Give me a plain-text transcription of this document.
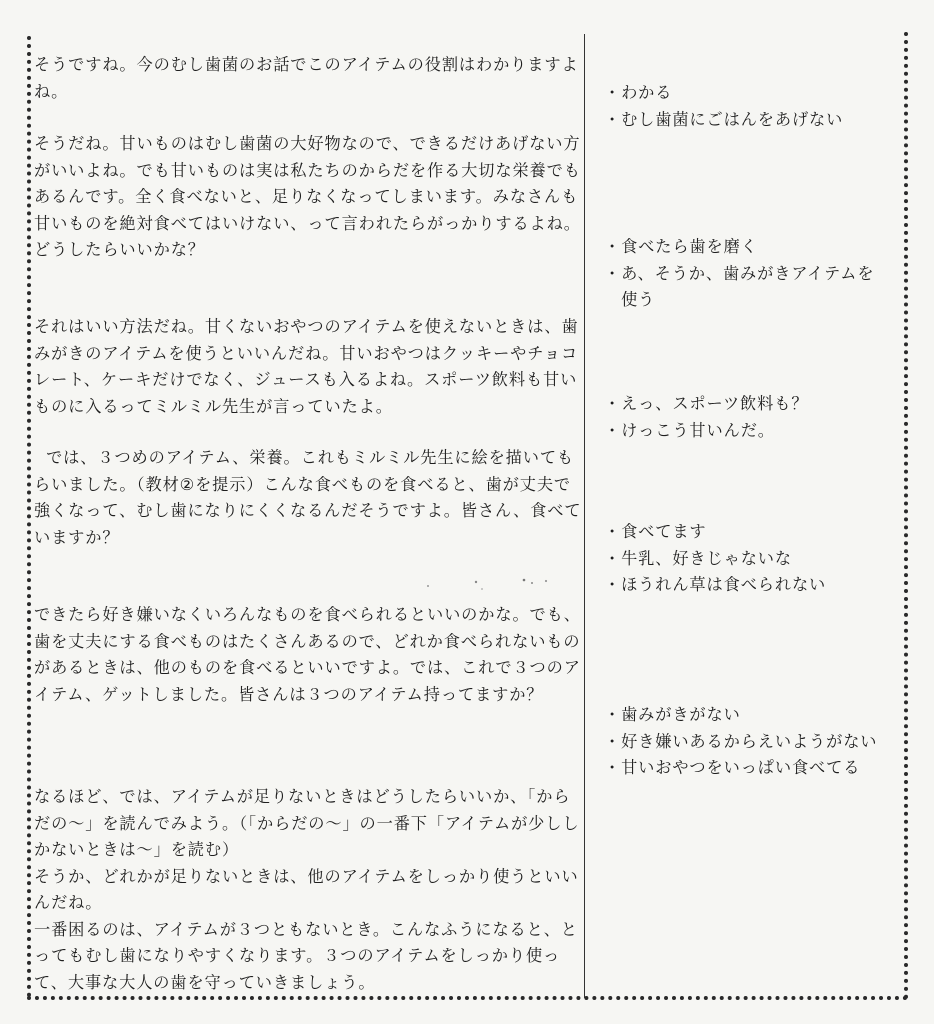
そうですね。今のむし歯菌のお話でこのアイテムの役割はわかりますよね。
そうだね。甘いものはむし歯菌の大好物なので、できるだけあげない方がいいよね。でも甘いものは実は私たちのからだを作る大切な栄養でもあるんです。全く食べないと、足りなくなってしまいます。みなさんも甘いものを絶対食べてはいけない、って言われたらがっかりするよね。どうしたらいいかな？
それはいい方法だね。甘くないおやつのアイテムを使えないときは、歯みがきのアイテムを使うといいんだね。甘いおやつはクッキーやチョコレート、ケーキだけでなく、ジュースも入るよね。スポーツ飲料も甘いものに入るってミルミル先生が言っていたよ。
では、３つめのアイテム、栄養。これもミルミル先生に絵を描いてもらいました。（教材②を提示）こんな食べものを食べると、歯が丈夫で強くなって、むし歯になりにくくなるんだそうですよ。皆さん、食べていますか？
できたら好き嫌いなくいろんなものを食べられるといいのかな。でも、歯を丈夫にする食べものはたくさんあるので、どれか食べられないものがあるときは、他のものを食べるといいですよ。では、これで３つのアイテム、ゲットしました。皆さんは３つのアイテム持ってますか？
なるほど、では、アイテムが足りないときはどうしたらいいか、「からだの～」を読んでみよう。（「からだの～」の一番下「アイテムが少ししかないときは～」を読む）
そうか、どれかが足りないときは、他のアイテムをしっかり使うといいんだね。
一番困るのは、アイテムが３つともないとき。こんなふうになると、とってもむし歯になりやすくなります。３つのアイテムをしっかり使って、大事な大人の歯を守っていきましょう。
・わかる
・むし歯菌にごはんをあげない
・食べたら歯を磨く
・あ、そうか、歯みがきアイテムを
　使う
・えっ、スポーツ飲料も？
・けっこう甘いんだ。
・食べてます
・牛乳、好きじゃないな
・ほうれん草は食べられない
・歯みがきがない
・好き嫌いあるからえいようがない
・甘いおやつをいっぱい食べてる
